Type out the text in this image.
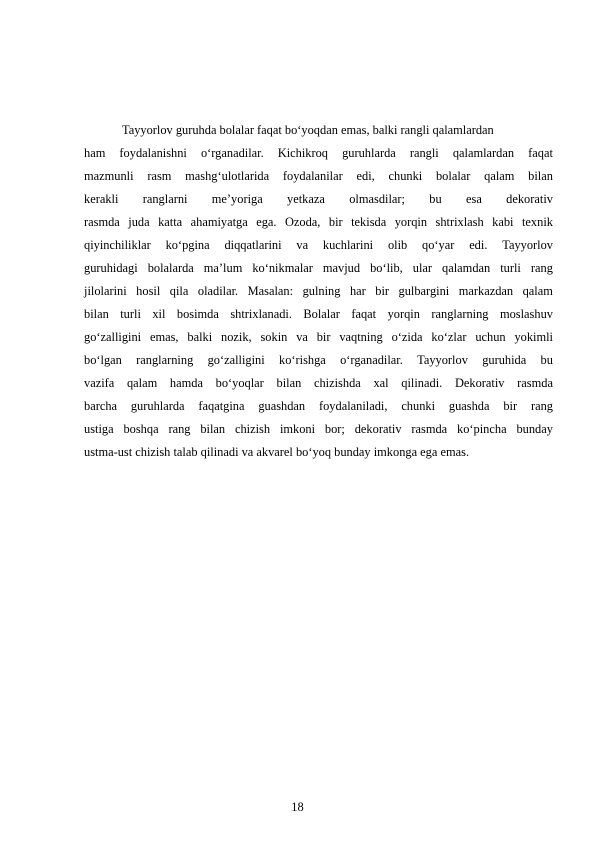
Tayyorlov guruhda bolalar faqat bo‘yoqdan emas, balki rangli qalamlardan
ham foydalanishni o‘rganadilar. Kichikroq guruhlarda rangli qalamlardan faqat
mazmunli rasm mashg‘ulotlarida foydalanilar edi, chunki bolalar qalam bilan
kerakli ranglarni me’yoriga yetkaza olmasdilar; bu esa dekorativ
rasmda juda katta ahamiyatga ega. Ozoda, bir tekisda yorqin shtrixlash kabi texnik
qiyinchiliklar ko‘pgina diqqatlarini va kuchlarini olib qo‘yar edi. Tayyorlov
guruhidagi bolalarda ma’lum ko‘nikmalar mavjud bo‘lib, ular qalamdan turli rang
jilolarini hosil qila oladilar. Masalan: gulning har bir gulbargini markazdan qalam
bilan turli xil bosimda shtrixlanadi. Bolalar faqat yorqin ranglarning moslashuv
go‘zalligini emas, balki nozik, sokin va bir vaqtning o‘zida ko‘zlar uchun yokimli
bo‘lgan ranglarning go‘zalligini ko‘rishga o‘rganadilar. Tayyorlov guruhida bu
vazifa qalam hamda bo‘yoqlar bilan chizishda xal qilinadi. Dekorativ rasmda
barcha guruhlarda faqatgina guashdan foydalaniladi, chunki guashda bir rang
ustiga boshqa rang bilan chizish imkoni bor; dekorativ rasmda ko‘pincha bunday
ustma-ust chizish talab qilinadi va akvarel bo‘yoq bunday imkonga ega emas.
18
